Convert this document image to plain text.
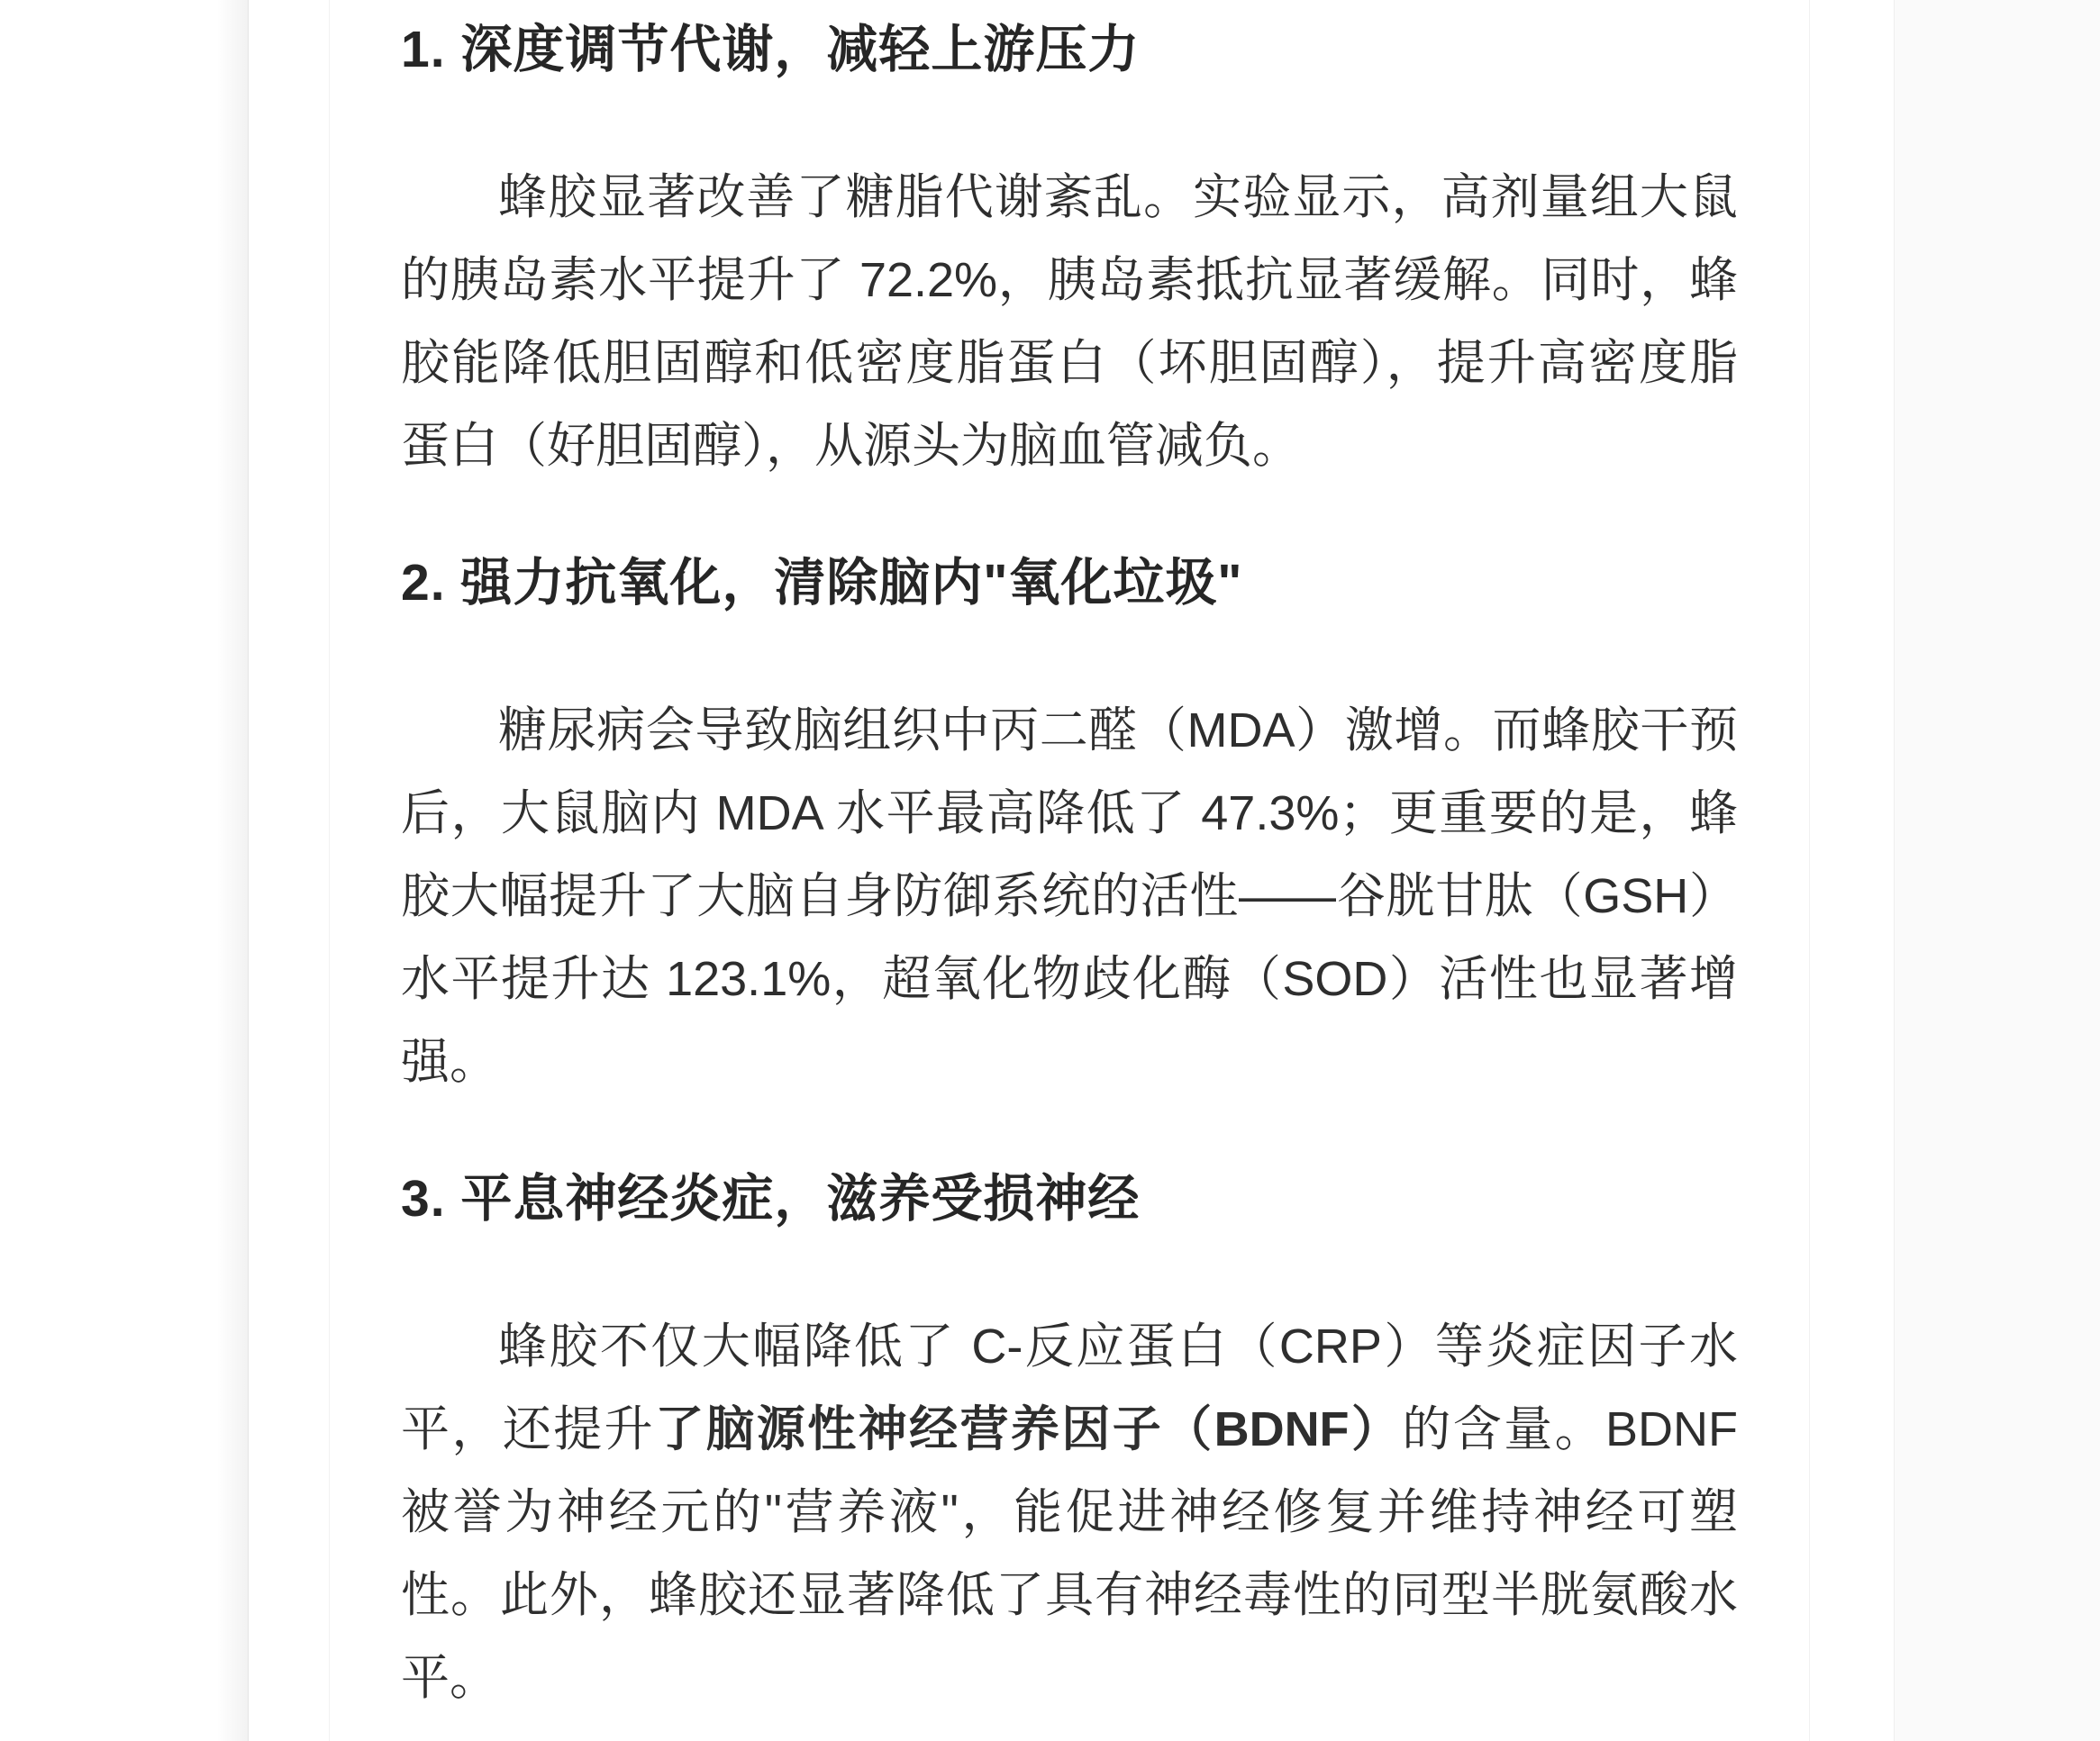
1. 深度调节代谢，减轻上游压力

蜂胶显著改善了糖脂代谢紊乱。实验显示，高剂量组大鼠的胰岛素水平提升了 72.2%，胰岛素抵抗显著缓解。同时，蜂胶能降低胆固醇和低密度脂蛋白（坏胆固醇），提升高密度脂蛋白（好胆固醇），从源头为脑血管减负。

2. 强力抗氧化，清除脑内"氧化垃圾"

糖尿病会导致脑组织中丙二醛（MDA）激增。而蜂胶干预后，大鼠脑内 MDA 水平最高降低了 47.3%；更重要的是，蜂胶大幅提升了大脑自身防御系统的活性——谷胱甘肽（GSH）水平提升达 123.1%，超氧化物歧化酶（SOD）活性也显著增强。

3. 平息神经炎症，滋养受损神经

蜂胶不仅大幅降低了 C-反应蛋白（CRP）等炎症因子水平，还提升了脑源性神经营养因子（BDNF）的含量。BDNF 被誉为神经元的"营养液"，能促进神经修复并维持神经可塑性。此外，蜂胶还显著降低了具有神经毒性的同型半胱氨酸水平。
